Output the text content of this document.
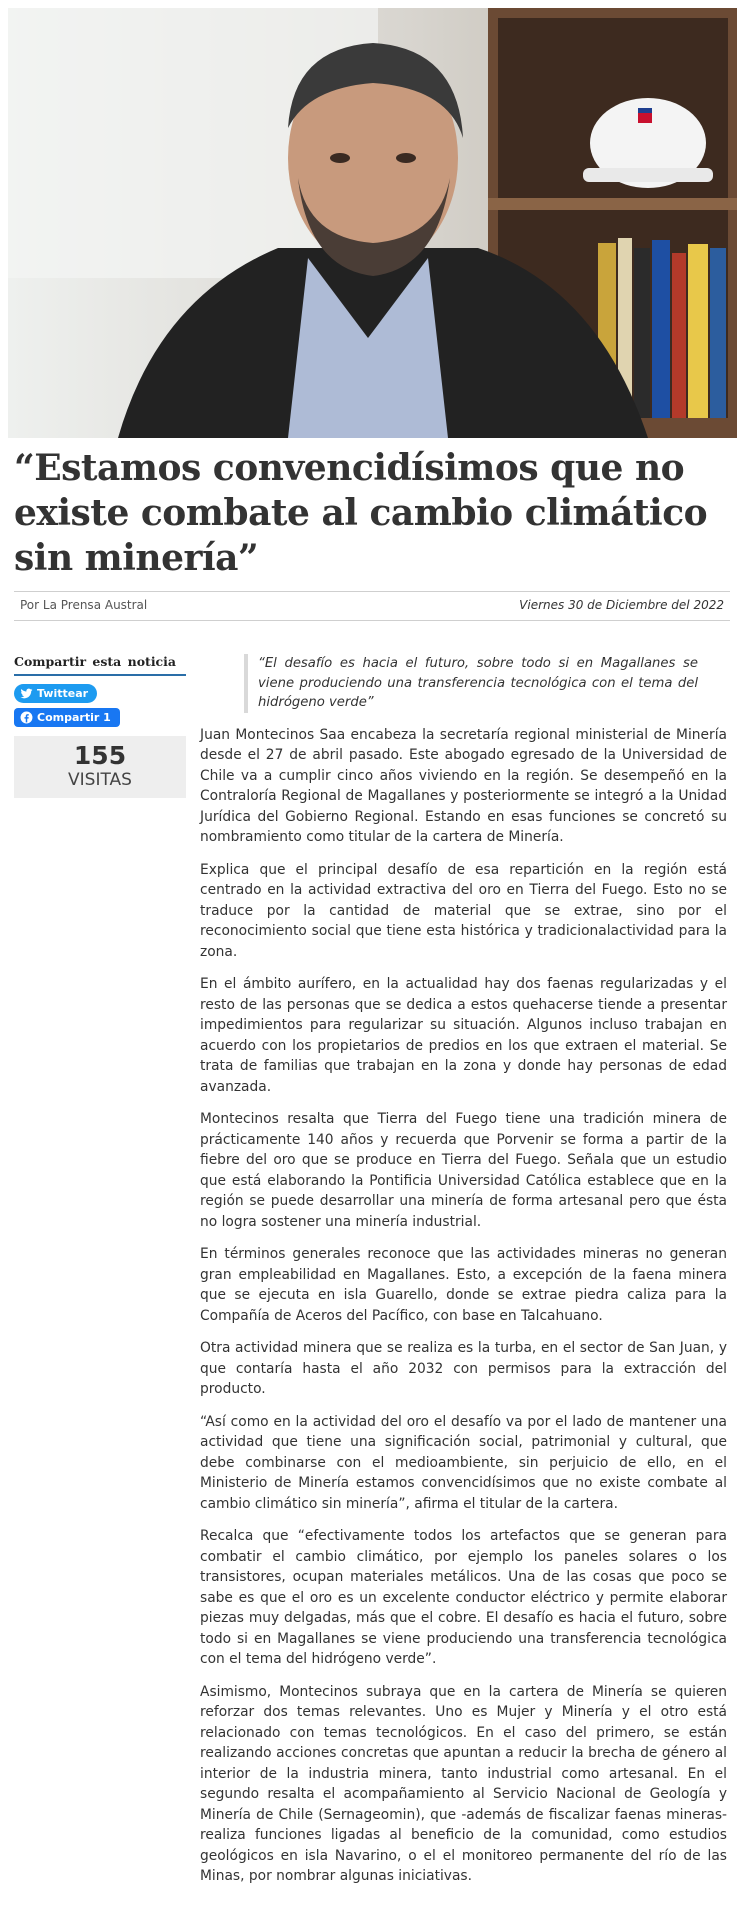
“Estamos convencidísimos que no existe combate al cambio climático sin minería”
Por La Prensa Austral	Viernes 30 de Diciembre del 2022
Compartir esta noticia
Twittear

Compartir 1
155
VISITAS
“El desafío es hacia el futuro, sobre todo si en Magallanes se viene produciendo una transferencia tecnológica con el tema del hidrógeno verde”

Juan Montecinos Saa encabeza la secretaría regional ministerial de Minería desde el 27 de abril pasado. Este abogado egresado de la Universidad de Chile va a cumplir cinco años viviendo en la región. Se desempeñó en la Contraloría Regional de Magallanes y posteriormente se integró a la Unidad Jurídica del Gobierno Regional. Estando en esas funciones se concretó su nombramiento como titular de la cartera de Minería.

Explica que el principal desafío de esa repartición en la región está centrado en la actividad extractiva del oro en Tierra del Fuego. Esto no se traduce por la cantidad de material que se extrae, sino por el reconocimiento social que tiene esta histórica y tradicionalactividad para la zona.

En el ámbito aurífero, en la actualidad hay dos faenas regularizadas y el resto de las personas que se dedica a estos quehacerse tiende a presentar impedimientos para regularizar su situación. Algunos incluso trabajan en acuerdo con los propietarios de predios en los que extraen el material. Se trata de familias que trabajan en la zona y donde hay personas de edad avanzada.

Montecinos resalta que Tierra del Fuego tiene una tradición minera de prácticamente 140 años y recuerda que Porvenir se forma a partir de la fiebre del oro que se produce en Tierra del Fuego. Señala que un estudio que está elaborando la Pontificia Universidad Católica establece que en la región se puede desarrollar una minería de forma artesanal pero que ésta no logra sostener una minería industrial.

En términos generales reconoce que las actividades mineras no generan gran empleabilidad en Magallanes. Esto, a excepción de la faena minera que se ejecuta en isla Guarello, donde se extrae piedra caliza para la Compañía de Aceros del Pacífico, con base en Talcahuano.

Otra actividad minera que se realiza es la turba, en el sector de San Juan, y que contaría hasta el año 2032 con permisos para la extracción del producto.

“Así como en la actividad del oro el desafío va por el lado de mantener una actividad que tiene una significación social, patrimonial y cultural, que debe combinarse con el medioambiente, sin perjuicio de ello, en el Ministerio de Minería estamos convencidísimos que no existe combate al cambio climático sin minería”, afirma el titular de la cartera.

Recalca que “efectivamente todos los artefactos que se generan para combatir el cambio climático, por ejemplo los paneles solares o los transistores, ocupan materiales metálicos. Una de las cosas que poco se sabe es que el oro es un excelente conductor eléctrico y permite elaborar piezas muy delgadas, más que el cobre. El desafío es hacia el futuro, sobre todo si en Magallanes se viene produciendo una transferencia tecnológica con el tema del hidrógeno verde”.

Asimismo, Montecinos subraya que en la cartera de Minería se quieren reforzar dos temas relevantes. Uno es Mujer y Minería y el otro está relacionado con temas tecnológicos. En el caso del primero, se están realizando acciones concretas que apuntan a reducir la brecha de género al interior de la industria minera, tanto industrial como artesanal. En el segundo resalta el acompañamiento al Servicio Nacional de Geología y Minería de Chile (Sernageomin), que -además de fiscalizar faenas mineras- realiza funciones ligadas al beneficio de la comunidad, como estudios geológicos en isla Navarino, o el el monitoreo permanente del río de las Minas, por nombrar algunas iniciativas.
